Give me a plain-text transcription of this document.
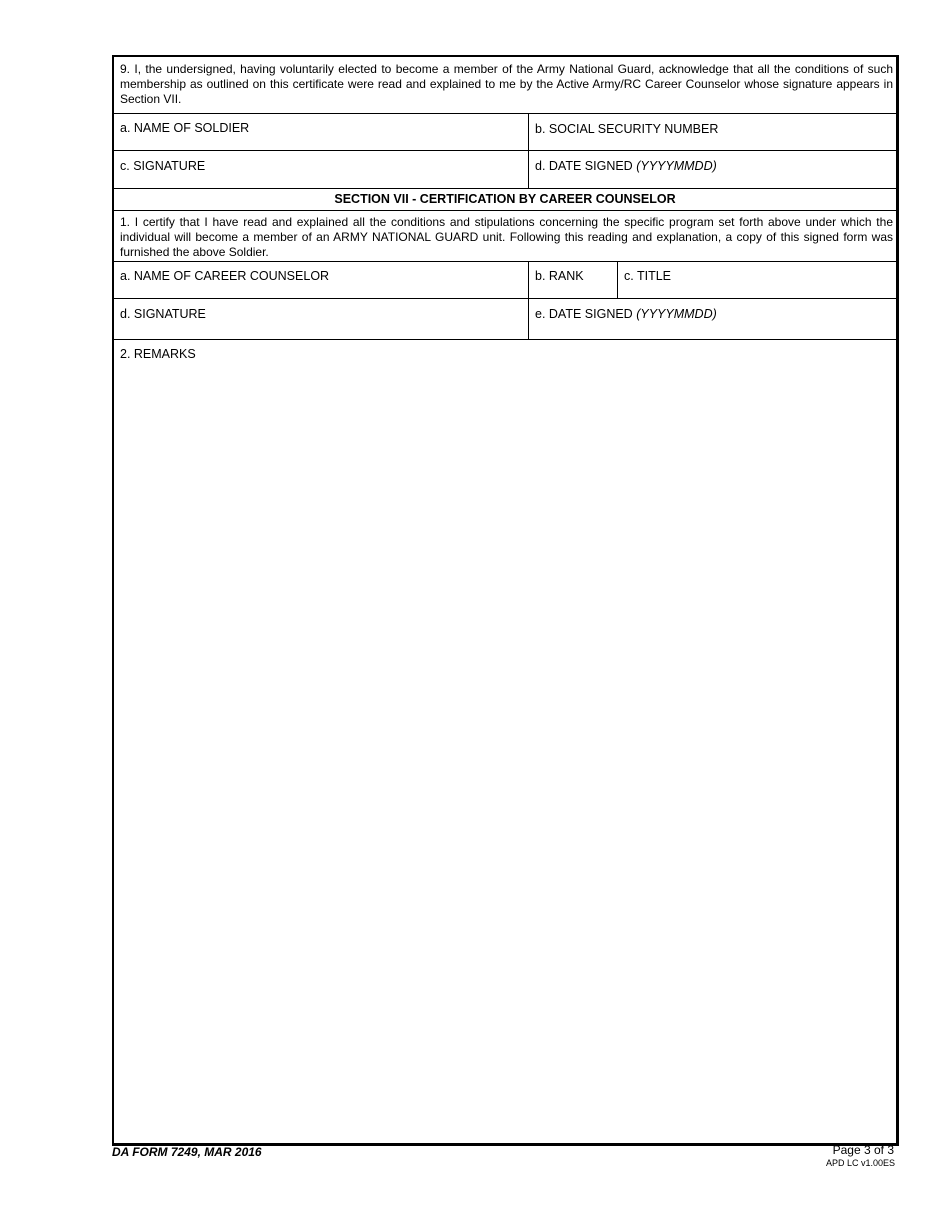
9. I, the undersigned, having voluntarily elected to become a member of the Army National Guard, acknowledge that all the conditions of such membership as outlined on this certificate were read and explained to me by the Active Army/RC Career Counselor whose signature appears in Section VII.
a. NAME OF SOLDIER	b. SOCIAL SECURITY NUMBER
c. SIGNATURE	d. DATE SIGNED (YYYYMMDD)
SECTION VII - CERTIFICATION BY CAREER COUNSELOR
1. I certify that I have read and explained all the conditions and stipulations concerning the specific program set forth above under which the individual will become a member of an ARMY NATIONAL GUARD unit. Following this reading and explanation, a copy of this signed form was furnished the above Soldier.
a. NAME OF CAREER COUNSELOR	b. RANK	c. TITLE
d. SIGNATURE	e. DATE SIGNED (YYYYMMDD)
2. REMARKS
DA FORM 7249, MAR 2016	Page 3 of 3
APD LC v1.00ES
